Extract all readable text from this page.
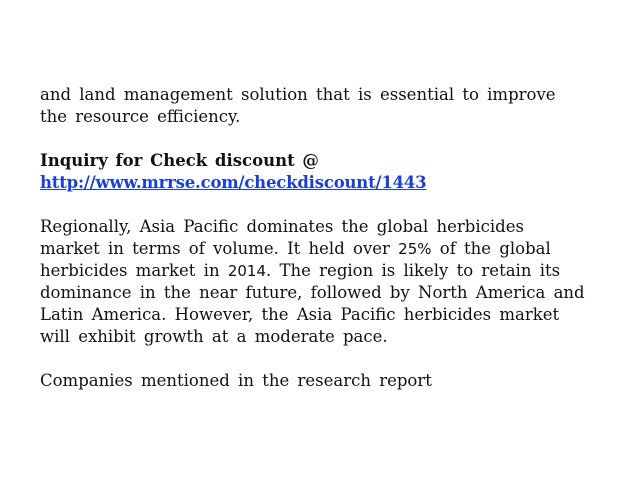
and land management solution that is essential to improve
the resource efficiency.

Inquiry for Check discount @
http://www.mrrse.com/checkdiscount/1443

Regionally, Asia Pacific dominates the global herbicides
market in terms of volume. It held over 25% of the global
herbicides market in 2014. The region is likely to retain its
dominance in the near future, followed by North America and
Latin America. However, the Asia Pacific herbicides market
will exhibit growth at a moderate pace.

Companies mentioned in the research report
